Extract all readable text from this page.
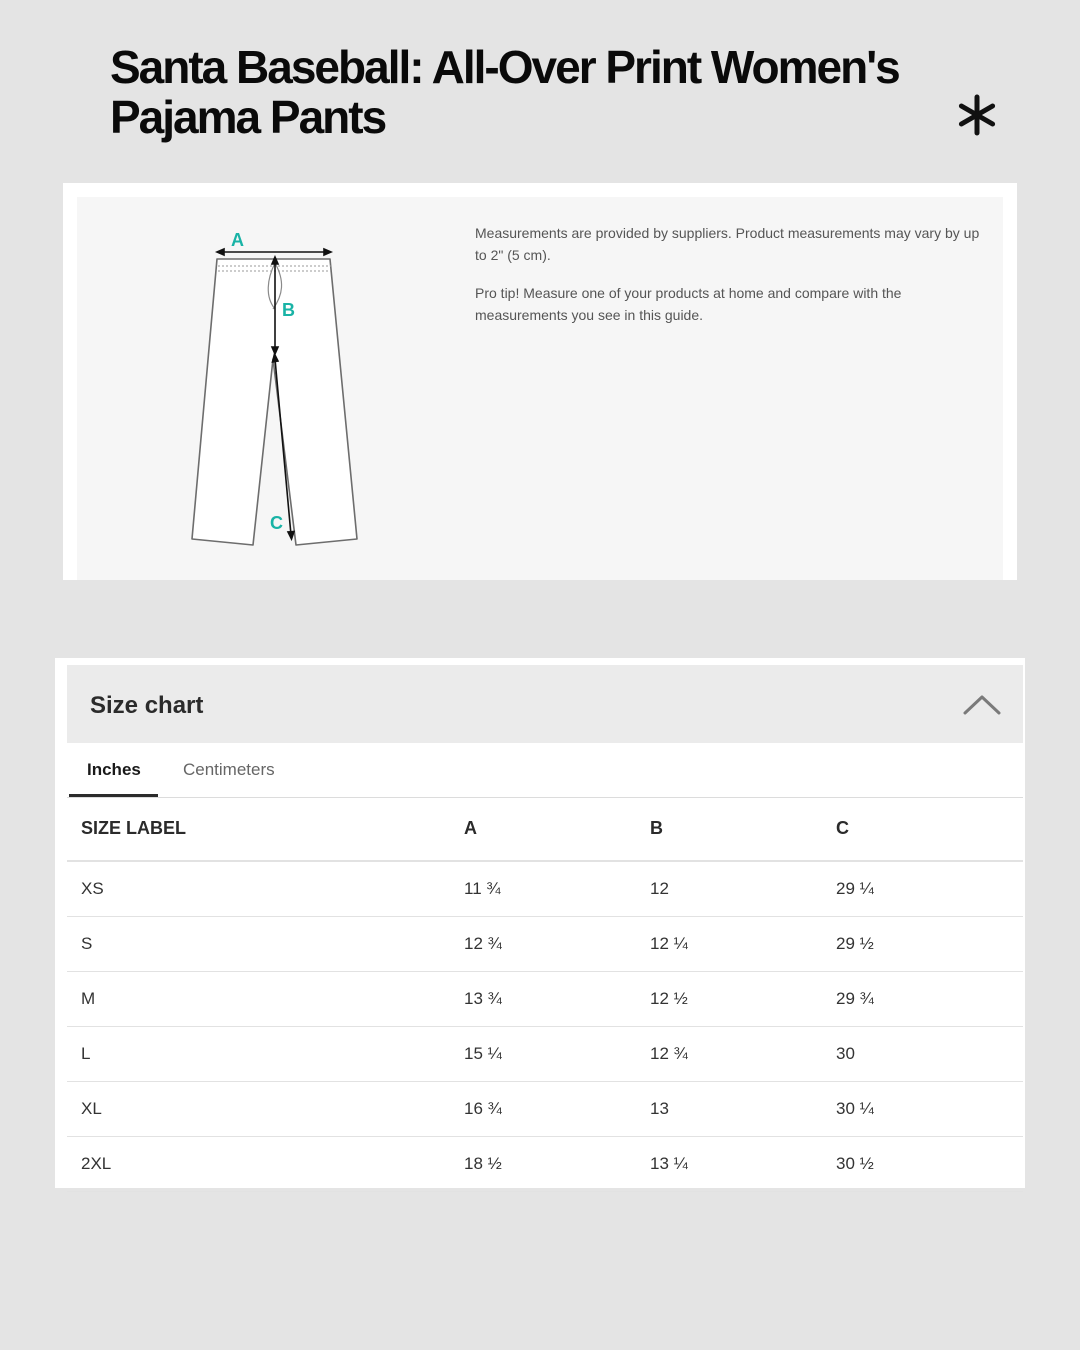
Santa Baseball: All-Over Print Women's Pajama Pants
A
B
C

Measurements are provided by suppliers. Product measurements may vary by up to 2" (5 cm).

Pro tip! Measure one of your products at home and compare with the measurements you see in this guide.

Size chart
Inches Centimeters
SIZE LABEL	A	B	C
XS	11 ¾	12	29 ¼
S	12 ¾	12 ¼	29 ½
M	13 ¾	12 ½	29 ¾
L	15 ¼	12 ¾	30
XL	16 ¾	13	30 ¼
2XL	18 ½	13 ¼	30 ½
